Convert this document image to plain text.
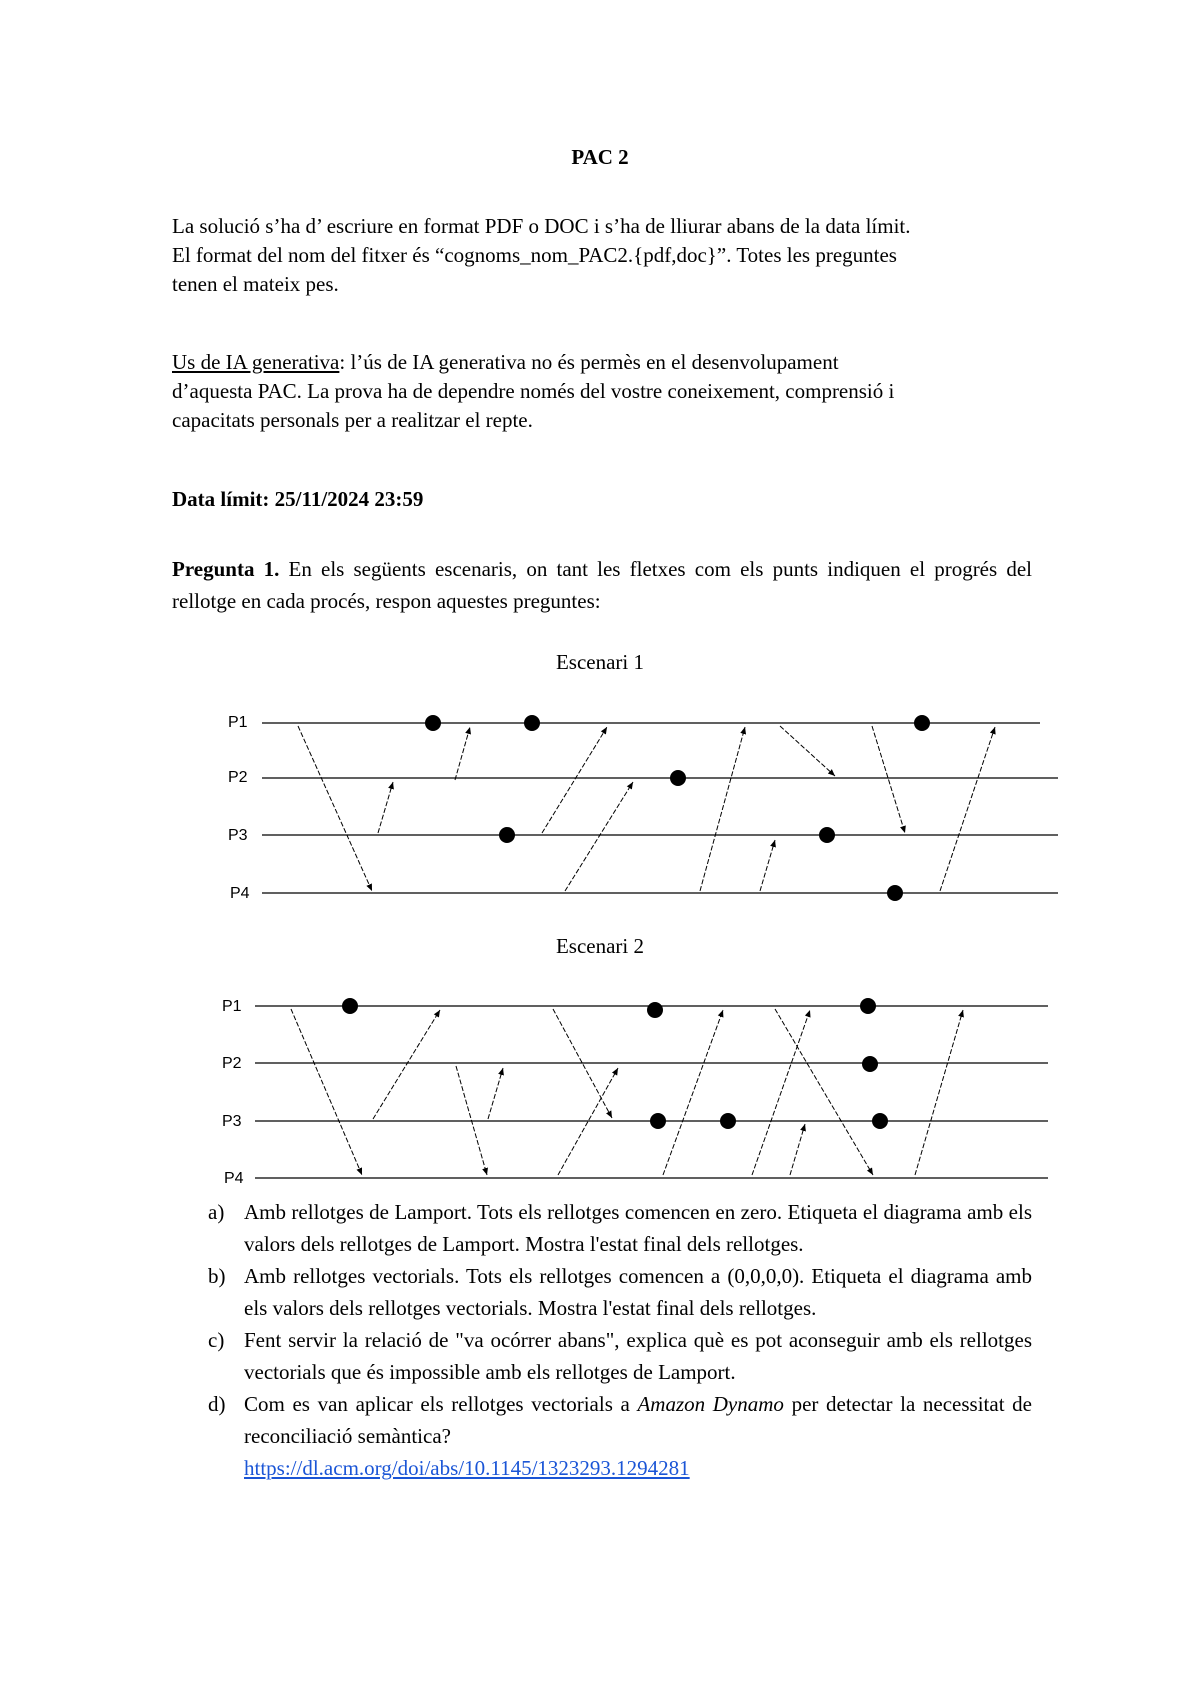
PAC 2
La solució s’ha d’ escriure en format PDF o DOC i s’ha de lliurar abans de la data límit.
El format del nom del fitxer és “cognoms_nom_PAC2.{pdf,doc}”. Totes les preguntes
tenen el mateix pes.
Us de IA generativa: l’ús de IA generativa no és permès en el desenvolupament
d’aquesta PAC. La prova ha de dependre només del vostre coneixement, comprensió i
capacitats personals per a realitzar el repte.
Data límit: 25/11/2024 23:59
Pregunta 1. En els següents escenaris, on tant les fletxes com els punts indiquen el progrés del rellotge en cada procés, respon aquestes preguntes:
Escenari 1
P1
P2
P3
P4
Escenari 2
P1
P2
P3
P4
a) Amb rellotges de Lamport. Tots els rellotges comencen en zero. Etiqueta el diagrama amb els valors dels rellotges de Lamport. Mostra l'estat final dels rellotges.
b) Amb rellotges vectorials. Tots els rellotges comencen a (0,0,0,0). Etiqueta el diagrama amb els valors dels rellotges vectorials. Mostra l'estat final dels rellotges.
c) Fent servir la relació de "va ocórrer abans", explica què es pot aconseguir amb els rellotges vectorials que és impossible amb els rellotges de Lamport.
d) Com es van aplicar els rellotges vectorials a Amazon Dynamo per detectar la necessitat de reconciliació semàntica?
https://dl.acm.org/doi/abs/10.1145/1323293.1294281
